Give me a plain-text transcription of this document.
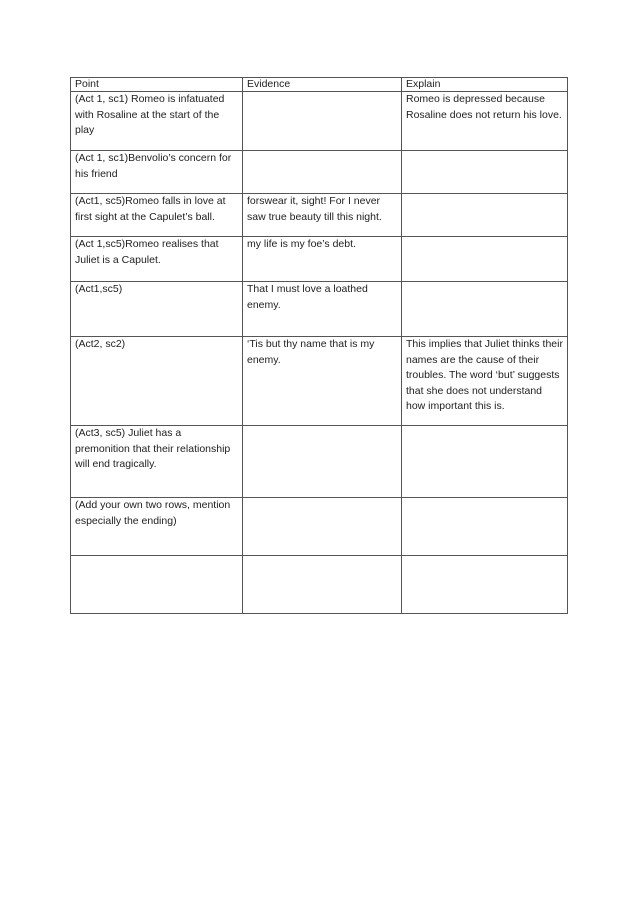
Point	Evidence	Explain
(Act 1, sc1) Romeo is infatuated with Rosaline at the start of the play		Romeo is depressed because Rosaline does not return his love.
(Act 1, sc1)Benvolio’s concern for his friend		
(Act1, sc5)Romeo falls in love at first sight at the Capulet’s ball.	forswear it, sight! For I never saw true beauty till this night.	
(Act 1,sc5)Romeo realises that Juliet is a Capulet.	my life is my foe’s debt.	
(Act1,sc5)	That I must love a loathed enemy.	
(Act2, sc2)	‘Tis but thy name that is my enemy.	This implies that Juliet thinks their names are the cause of their troubles. The word ‘but’ suggests that she does not understand how important this is.
(Act3, sc5) Juliet has a premonition that their relationship will end tragically.		
(Add your own two rows, mention especially the ending)		
